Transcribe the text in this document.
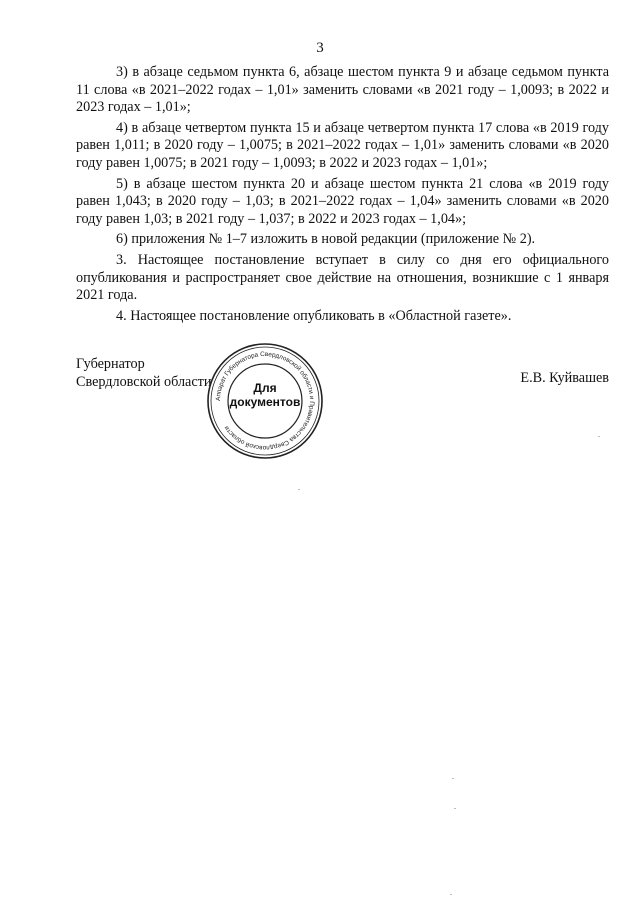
3

3) в абзаце седьмом пункта 6, абзаце шестом пункта 9 и абзаце седьмом пункта 11 слова «в 2021–2022 годах – 1,01» заменить словами «в 2021 году – 1,0093; в 2022 и 2023 годах – 1,01»;

4) в абзаце четвертом пункта 15 и абзаце четвертом пункта 17 слова «в 2019 году равен 1,011; в 2020 году – 1,0075; в 2021–2022 годах – 1,01» заменить словами «в 2020 году равен 1,0075; в 2021 году – 1,0093; в 2022 и 2023 годах – 1,01»;

5) в абзаце шестом пункта 20 и абзаце шестом пункта 21 слова «в 2019 году равен 1,043; в 2020 году – 1,03; в 2021–2022 годах – 1,04» заменить словами «в 2020 году равен 1,03; в 2021 году – 1,037; в 2022 и 2023 годах – 1,04»;

6) приложения № 1–7 изложить в новой редакции (приложение № 2).

3. Настоящее постановление вступает в силу со дня его официального опубликования и распространяет свое действие на отношения, возникшие с 1 января 2021 года.

4. Настоящее постановление опубликовать в «Областной газете».

Губернатор
Свердловской области	Е.В. Куйвашев
Аппарат Губернатора Свердловской области и Правительства Свердловской области
Для
документов
